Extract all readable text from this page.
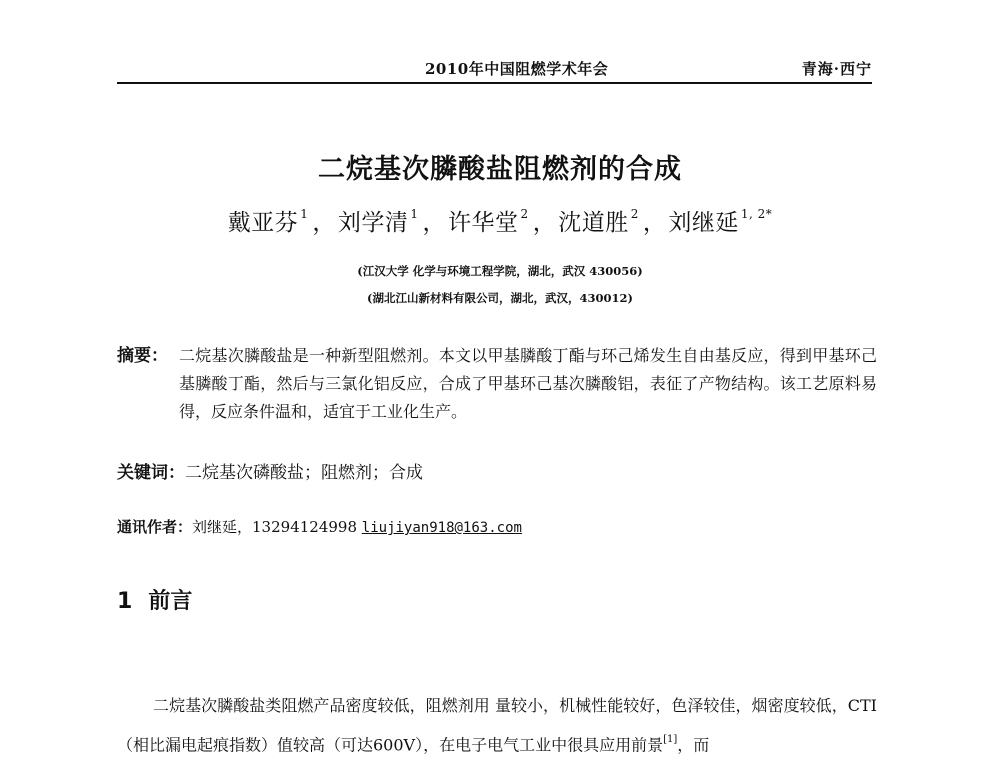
2010年中国阻燃学术年会	青海·西宁
二烷基次膦酸盐阻燃剂的合成
戴亚芬 $^1$ ，刘学清 $^1$ ，许华堂 $^2$ ，沈道胜 $^2$ ，刘继延 $^{1, 2*}$
(江汉大学 化学与环境工程学院，湖北，武汉 430056)
(湖北江山新材料有限公司，湖北，武汉，430012)
摘要： 二烷基次膦酸盐是一种新型阻燃剂。本文以甲基膦酸丁酯与环己烯发生自由基反应，得到甲基环己基膦酸丁酯，然后与三氯化铝反应，合成了甲基环己基次膦酸铝，表征了产物结构。该工艺原料易得，反应条件温和，适宜于工业化生产。
关键词：二烷基次磷酸盐；阻燃剂；合成
通讯作者：刘继延，13294124998 liujiyan918@163.com
1 前言
二烷基次膦酸盐类阻燃产品密度较低，阻燃剂用 量较小，机械性能较好，色泽较佳，烟密度较低，CTI（相比漏电起痕指数）值较高（可达600V），在电子电气工业中很具应用前景[1]，而
